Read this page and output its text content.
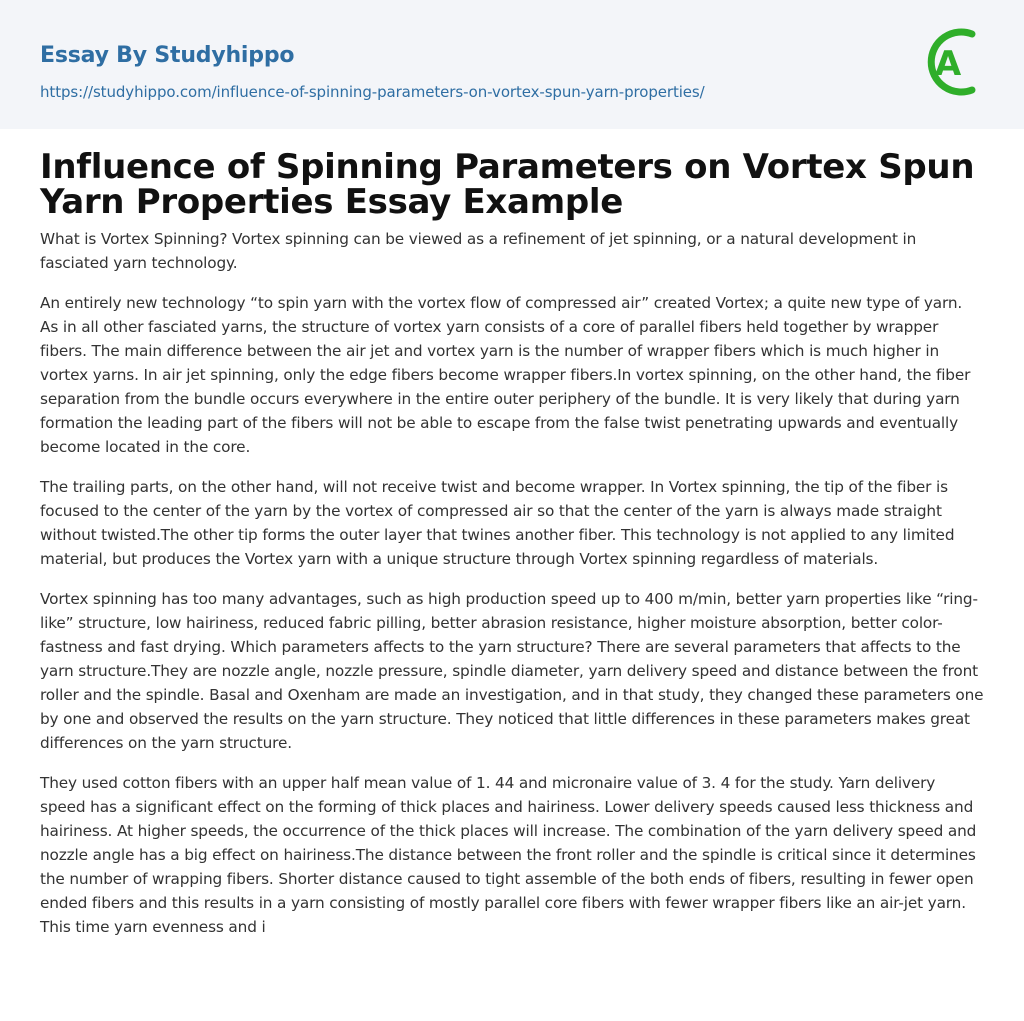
Essay By Studyhippo
https://studyhippo.com/influence-of-spinning-parameters-on-vortex-spun-yarn-properties/
A
Influence of Spinning Parameters on Vortex Spun Yarn Properties Essay Example

What is Vortex Spinning? Vortex spinning can be viewed as a refinement of jet spinning, or a natural development in fasciated yarn technology.

An entirely new technology “to spin yarn with the vortex flow of compressed air” created Vortex; a quite new type of yarn. As in all other fasciated yarns, the structure of vortex yarn consists of a core of parallel fibers held together by wrapper fibers. The main difference between the air jet and vortex yarn is the number of wrapper fibers which is much higher in vortex yarns. In air jet spinning, only the edge fibers become wrapper fibers.In vortex spinning, on the other hand, the fiber separation from the bundle occurs everywhere in the entire outer periphery of the bundle. It is very likely that during yarn formation the leading part of the fibers will not be able to escape from the false twist penetrating upwards and eventually become located in the core.

The trailing parts, on the other hand, will not receive twist and become wrapper. In Vortex spinning, the tip of the fiber is focused to the center of the yarn by the vortex of compressed air so that the center of the yarn is always made straight without twisted.The other tip forms the outer layer that twines another fiber. This technology is not applied to any limited material, but produces the Vortex yarn with a unique structure through Vortex spinning regardless of materials.

Vortex spinning has too many advantages, such as high production speed up to 400 m/min, better yarn properties like “ring-like” structure, low hairiness, reduced fabric pilling, better abrasion resistance, higher moisture absorption, better color-fastness and fast drying. Which parameters affects to the yarn structure? There are several parameters that affects to the yarn structure.They are nozzle angle, nozzle pressure, spindle diameter, yarn delivery speed and distance between the front roller and the spindle. Basal and Oxenham are made an investigation, and in that study, they changed these parameters one by one and observed the results on the yarn structure. They noticed that little differences in these parameters makes great differences on the yarn structure.

They used cotton fibers with an upper half mean value of 1. 44 and micronaire value of 3. 4 for the study. Yarn delivery speed has a significant effect on the forming of thick places and hairiness. Lower delivery speeds caused less thickness and hairiness. At higher speeds, the occurrence of the thick places will increase. The combination of the yarn delivery speed and nozzle angle has a big effect on hairiness.The distance between the front roller and the spindle is critical since it determines the number of wrapping fibers. Shorter distance caused to tight assemble of the both ends of fibers, resulting in fewer open ended fibers and this results in a yarn consisting of mostly parallel core fibers with fewer wrapper fibers like an air-jet yarn. This time yarn evenness and i
